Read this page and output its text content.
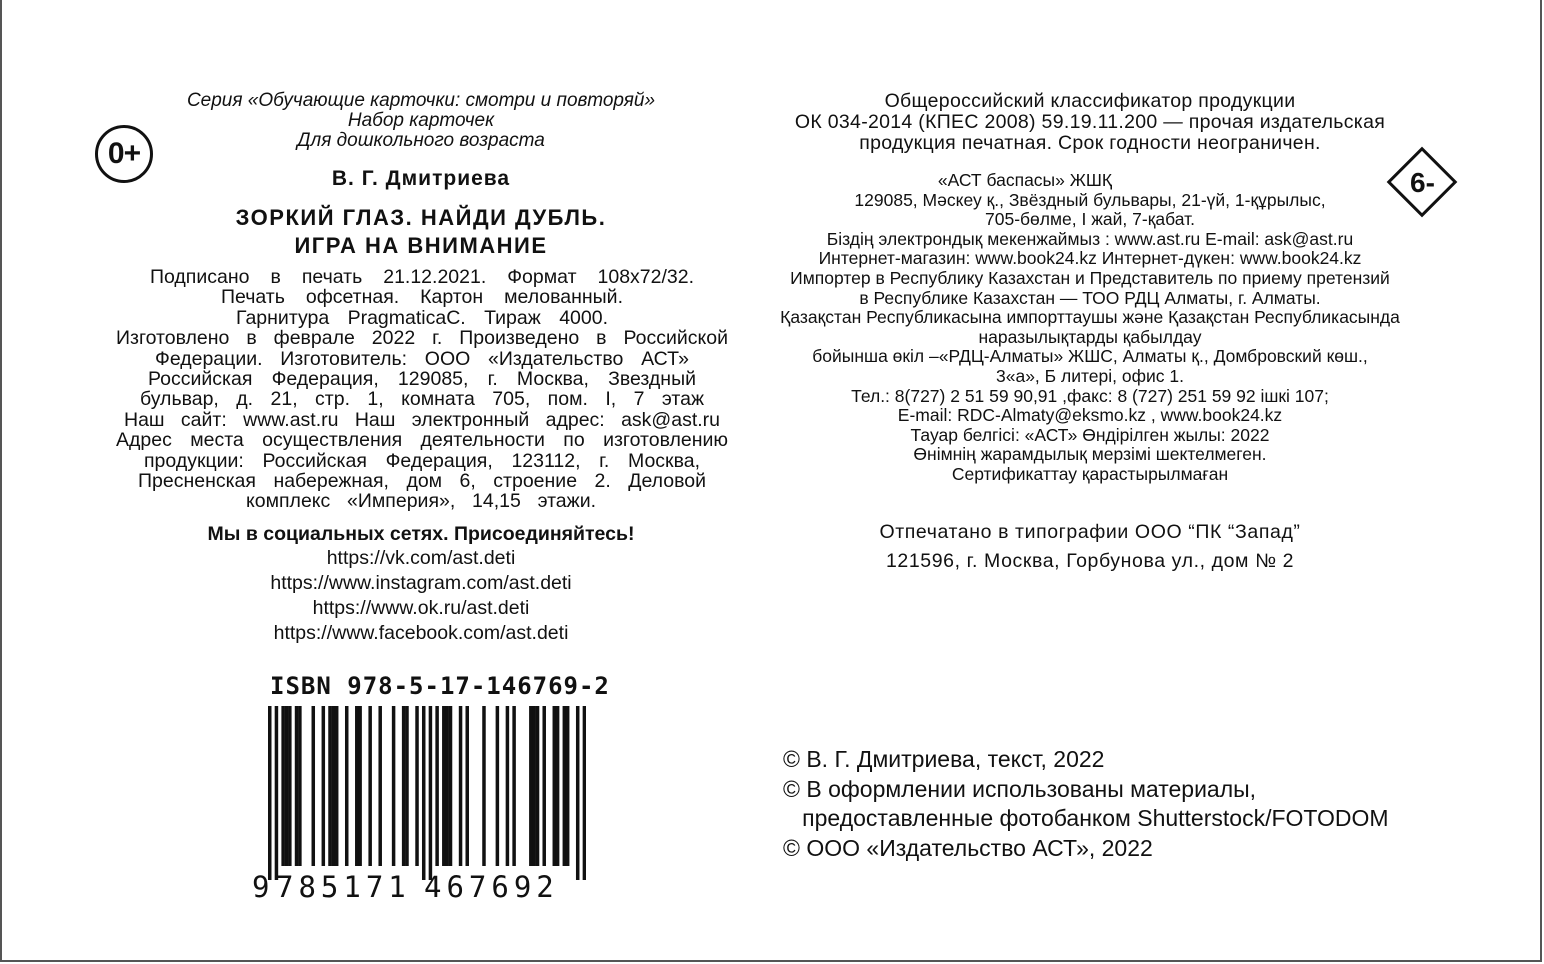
Серия «Обучающие карточки: смотри и повторяй»
Набор карточек
Для дошкольного возраста
0+
В. Г. Дмитриева
ЗОРКИЙ ГЛАЗ. НАЙДИ ДУБЛЬ.
ИГРА НА ВНИМАНИЕ
Подписано в печать 21.12.2021. Формат 108х72/32.
Печать офсетная. Картон мелованный.
Гарнитура PragmaticaC. Тираж 4000.
Изготовлено в феврале 2022 г. Произведено в Российской
Федерации. Изготовитель: ООО «Издательство АСТ»
Российская Федерация, 129085, г. Москва, Звездный
бульвар, д. 21, стр. 1, комната 705, пом. I, 7 этаж
Наш сайт: www.ast.ru Наш электронный адрес: ask@ast.ru
Адрес места осуществления деятельности по изготовлению
продукции: Российская Федерация, 123112, г. Москва,
Пресненская набережная, дом 6, строение 2. Деловой
комплекс «Империя», 14,15 этажи.
Мы в социальных сетях. Присоединяйтесь!
https://vk.com/ast.deti
https://www.instagram.com/ast.deti
https://www.ok.ru/ast.deti
https://www.facebook.com/ast.deti
ISBN 978-5-17-146769-2
9 785171 467692
Общероссийский классификатор продукции
ОК 034-2014 (КПЕС 2008) 59.19.11.200 — прочая издательская
продукция печатная. Срок годности неограничен.
6-
«АСТ баспасы» ЖШҚ
129085, Мәскеу қ., Звёздный бульвары, 21-үй, 1-құрылыс,
705-бөлме, I жай, 7-қабат.
Біздің электрондық мекенжаймыз : www.ast.ru E-mail: ask@ast.ru
Интернет-магазин: www.book24.kz Интернет-дүкен: www.book24.kz
Импортер в Республику Казахстан и Представитель по приему претензий
в Республике Казахстан — ТОО РДЦ Алматы, г. Алматы.
Қазақстан Республикасына импорттаушы және Қазақстан Республикасында
наразылықтарды қабылдау
бойынша өкіл –«РДЦ-Алматы» ЖШС, Алматы қ., Домбровский көш.,
3«а», Б литері, офис 1.
Тел.: 8(727) 2 51 59 90,91 ,факс: 8 (727) 251 59 92 ішкі 107;
E-mail: RDC-Almaty@eksmo.kz , www.book24.kz
Тауар белгісі: «АСТ» Өндірілген жылы: 2022
Өнімнің жарамдылық мерзімі шектелмеген.
Сертификаттау қарастырылмаған
Отпечатано в типографии ООО “ПК “Запад”
121596, г. Москва, Горбунова ул., дом № 2
© В. Г. Дмитриева, текст, 2022
© В оформлении использованы материалы,
предоставленные фотобанком Shutterstock/FOTODOM
© ООО «Издательство АСТ», 2022
